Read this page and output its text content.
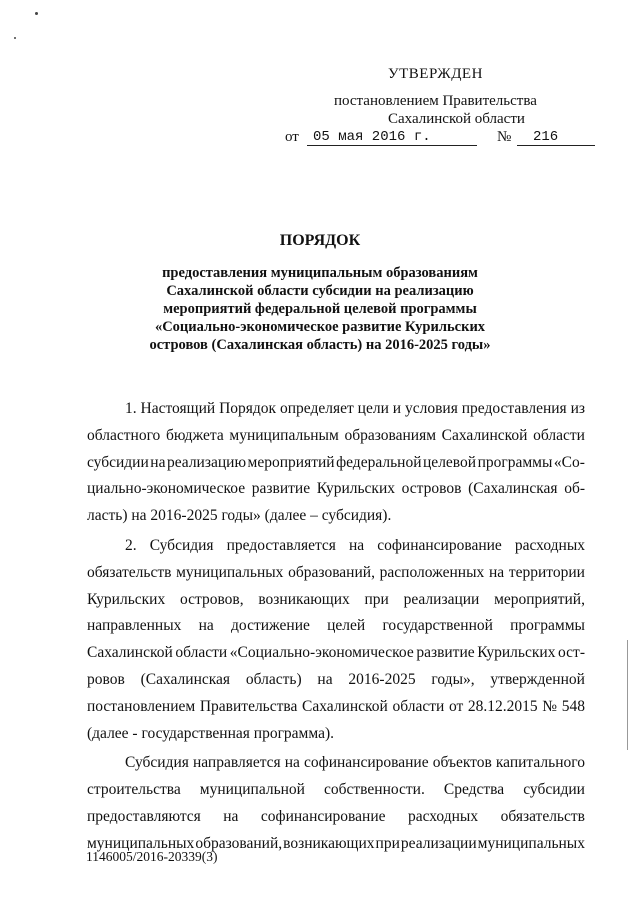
УТВЕРЖДЕН
постановлением Правительства
Сахалинской области
от	05 мая 2016 г.	№	216
ПОРЯДОК
предоставления муниципальным образованиям
Сахалинской области субсидии на реализацию
мероприятий федеральной целевой программы
«Социально-экономическое развитие Курильских
островов (Сахалинская область) на 2016-2025 годы»
1. Настоящий Порядок определяет цели и условия предоставления из
областного бюджета муниципальным образованиям Сахалинской области
субсидии на реализацию мероприятий федеральной целевой программы «Со-
циально-экономическое развитие Курильских островов (Сахалинская об-
ласть) на 2016-2025 годы» (далее – субсидия).
2. Субсидия предоставляется на софинансирование расходных
обязательств муниципальных образований, расположенных на территории
Курильских островов, возникающих при реализации мероприятий,
направленных на достижение целей государственной программы
Сахалинской области «Социально-экономическое развитие Курильских ост-
ровов (Сахалинская область) на 2016-2025 годы», утвержденной
постановлением Правительства Сахалинской области от 28.12.2015 № 548
(далее - государственная программа).
Субсидия направляется на софинансирование объектов капитального
строительства муниципальной собственности. Средства субсидии
предоставляются на софинансирование расходных обязательств
муниципальных образований, возникающих при реализации муниципальных
1146005/2016-20339(3)
